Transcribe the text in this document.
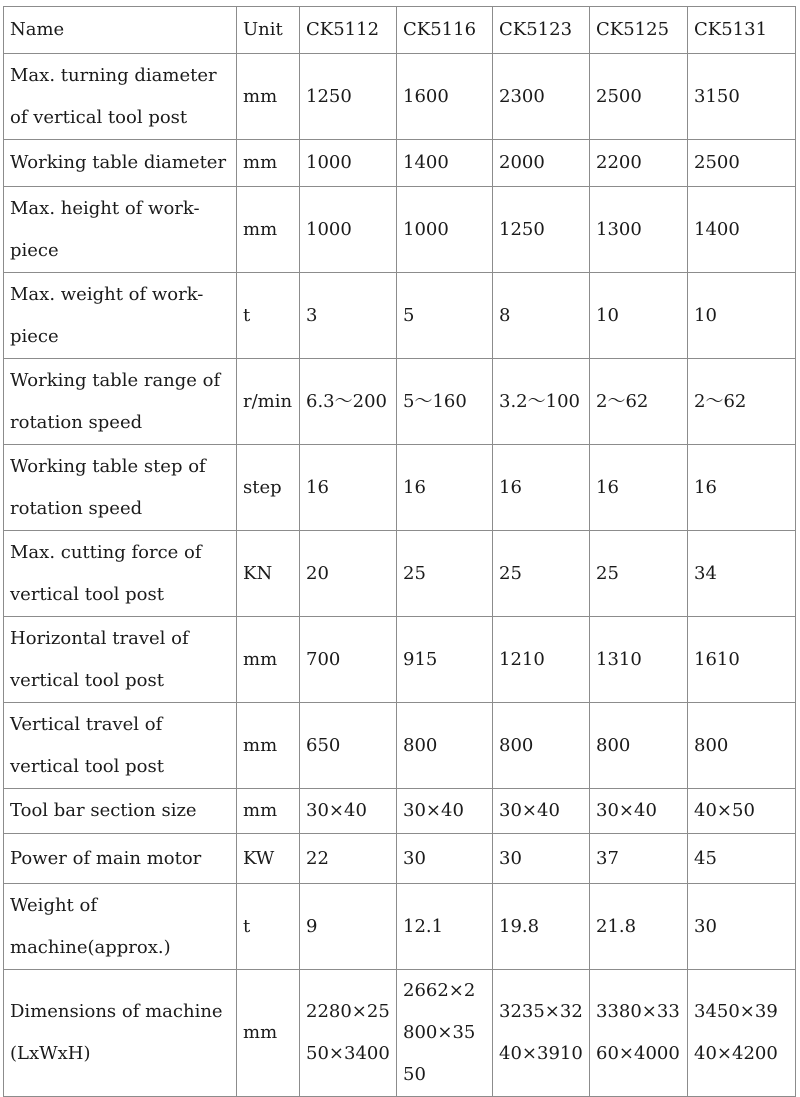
Name	Unit	CK5112	CK5116	CK5123	CK5125	CK5131
Max. turning diameter of vertical tool post	mm	1250	1600	2300	2500	3150
Working table diameter	mm	1000	1400	2000	2200	2500
Max. height of work-piece	mm	1000	1000	1250	1300	1400
Max. weight of work-piece	t	3	5	8	10	10
Working table range of rotation speed	r/min	6.3～200	5～160	3.2～100	2～62	2～62
Working table step of rotation speed	step	16	16	16	16	16
Max. cutting force of vertical tool post	KN	20	25	25	25	34
Horizontal travel of vertical tool post	mm	700	915	1210	1310	1610
Vertical travel of vertical tool post	mm	650	800	800	800	800
Tool bar section size	mm	30×40	30×40	30×40	30×40	40×50
Power of main motor	KW	22	30	30	37	45
Weight of machine(approx.)	t	9	12.1	19.8	21.8	30
Dimensions of machine (LxWxH)	mm	2280×2550×3400	2662×2800×3550	3235×3240×3910	3380×3360×4000	3450×3940×4200
